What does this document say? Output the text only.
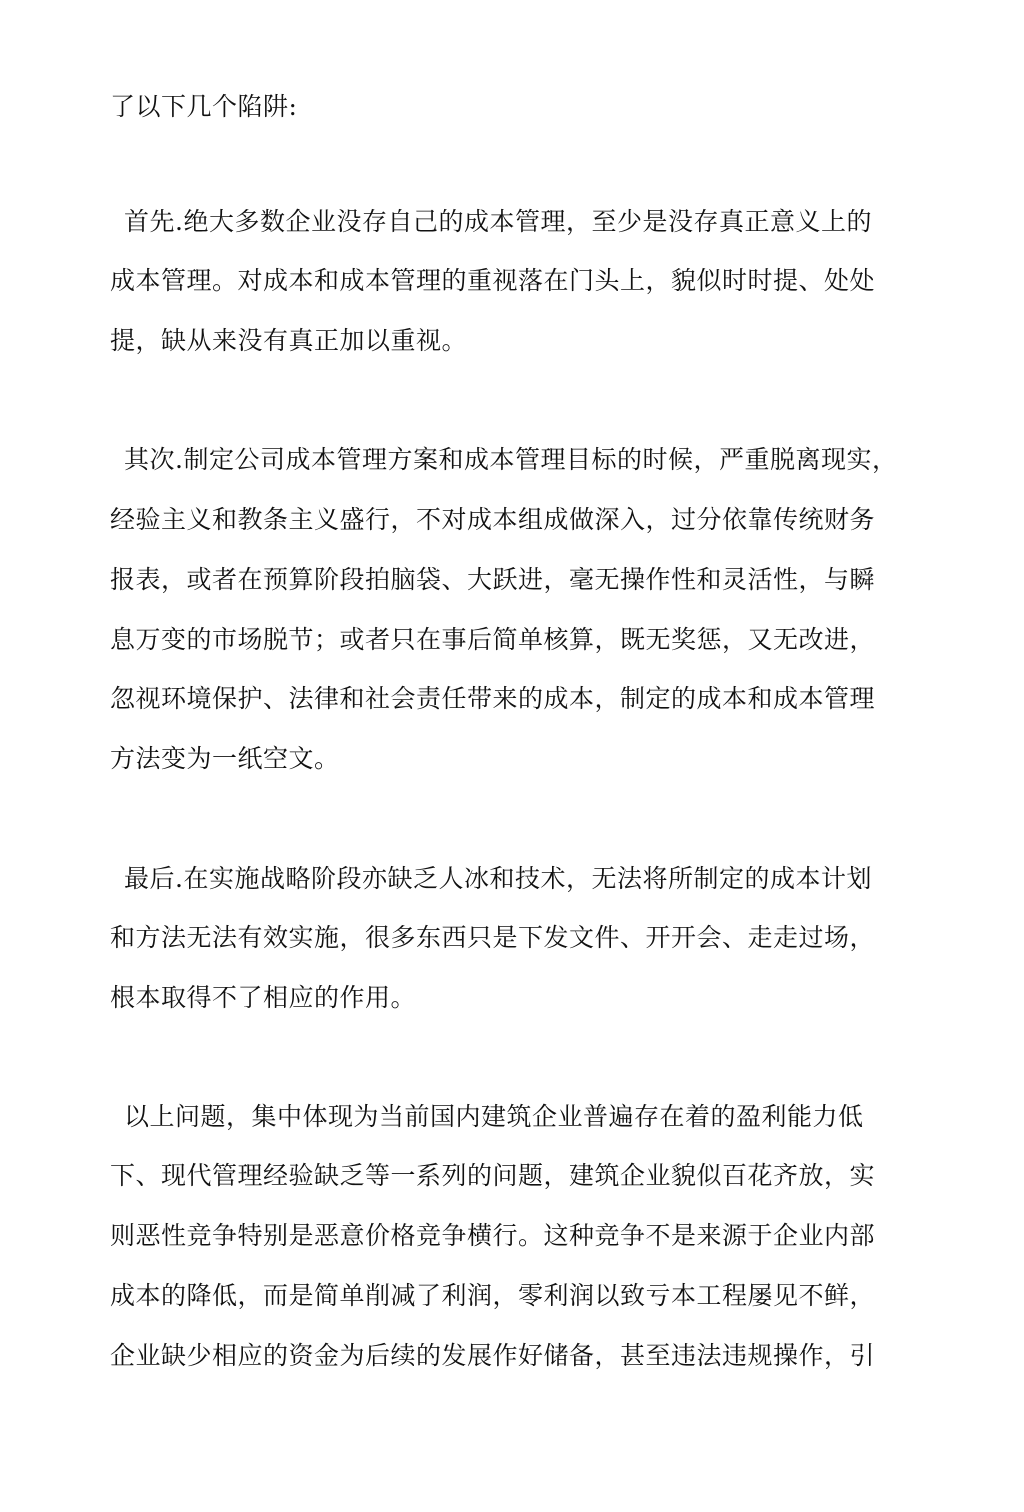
了以下几个陷阱:

首先.绝大多数企业没存自己的成本管理，至少是没存真正意义上的

成本管理。对成本和成本管理的重视落在门头上，貌似时时提、处处

提，缺从来没有真正加以重视。

其次.制定公司成本管理方案和成本管理目标的时候，严重脱离现实，

经验主义和教条主义盛行，不对成本组成做深入，过分依靠传统财务

报表，或者在预算阶段拍脑袋、大跃进，毫无操作性和灵活性，与瞬

息万变的市场脱节；或者只在事后简单核算，既无奖惩，又无改进，

忽视环境保护、法律和社会责任带来的成本，制定的成本和成本管理

方法变为一纸空文。

最后.在实施战略阶段亦缺乏人冰和技术，无法将所制定的成本计划

和方法无法有效实施，很多东西只是下发文件、开开会、走走过场，

根本取得不了相应的作用。

以上问题，集中体现为当前国内建筑企业普遍存在着的盈利能力低

下、现代管理经验缺乏等一系列的问题，建筑企业貌似百花齐放，实

则恶性竞争特别是恶意价格竞争横行。这种竞争不是来源于企业内部

成本的降低，而是简单削减了利润，零利润以致亏本工程屡见不鲜，

企业缺少相应的资金为后续的发展作好储备，甚至违法违规操作，引
